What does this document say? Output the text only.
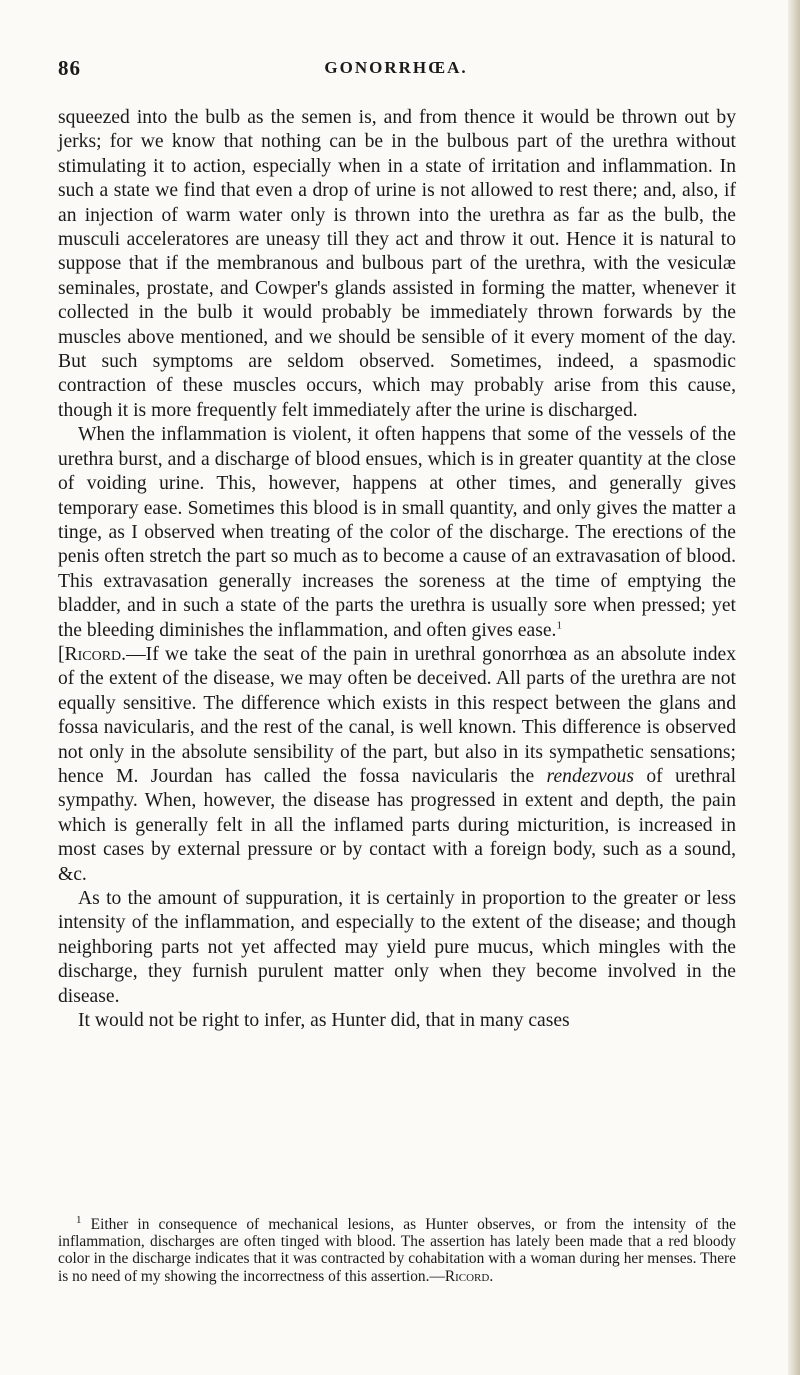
86	GONORRHŒA.

squeezed into the bulb as the semen is, and from thence it would be thrown out by jerks; for we know that nothing can be in the bulbous part of the urethra without stimulating it to action, especially when in a state of irritation and inflammation. In such a state we find that even a drop of urine is not allowed to rest there; and, also, if an injection of warm water only is thrown into the urethra as far as the bulb, the musculi acceleratores are uneasy till they act and throw it out. Hence it is natural to suppose that if the membranous and bulbous part of the urethra, with the vesiculæ seminales, prostate, and Cowper's glands assisted in forming the matter, whenever it collected in the bulb it would probably be immediately thrown forwards by the muscles above mentioned, and we should be sensible of it every moment of the day. But such symptoms are seldom observed. Sometimes, indeed, a spasmodic contraction of these muscles occurs, which may probably arise from this cause, though it is more frequently felt immediately after the urine is discharged.

When the inflammation is violent, it often happens that some of the vessels of the urethra burst, and a discharge of blood ensues, which is in greater quantity at the close of voiding urine. This, however, happens at other times, and generally gives temporary ease. Sometimes this blood is in small quantity, and only gives the matter a tinge, as I observed when treating of the color of the discharge. The erections of the penis often stretch the part so much as to become a cause of an extravasation of blood. This extravasation generally increases the soreness at the time of emptying the bladder, and in such a state of the parts the urethra is usually sore when pressed; yet the bleeding diminishes the inflammation, and often gives ease.$^1$

[Ricord.—If we take the seat of the pain in urethral gonorrhœa as an absolute index of the extent of the disease, we may often be deceived. All parts of the urethra are not equally sensitive. The difference which exists in this respect between the glans and fossa navicularis, and the rest of the canal, is well known. This difference is observed not only in the absolute sensibility of the part, but also in its sympathetic sensations; hence M. Jourdan has called the fossa navicularis the rendezvous of urethral sympathy. When, however, the disease has progressed in extent and depth, the pain which is generally felt in all the inflamed parts during micturition, is increased in most cases by external pressure or by contact with a foreign body, such as a sound, &c.

As to the amount of suppuration, it is certainly in proportion to the greater or less intensity of the inflammation, and especially to the extent of the disease; and though neighboring parts not yet affected may yield pure mucus, which mingles with the discharge, they furnish purulent matter only when they become involved in the disease.

It would not be right to infer, as Hunter did, that in many cases

$^1$ Either in consequence of mechanical lesions, as Hunter observes, or from the intensity of the inflammation, discharges are often tinged with blood. The assertion has lately been made that a red bloody color in the discharge indicates that it was contracted by cohabitation with a woman during her menses. There is no need of my showing the incorrectness of this assertion.—Ricord.
